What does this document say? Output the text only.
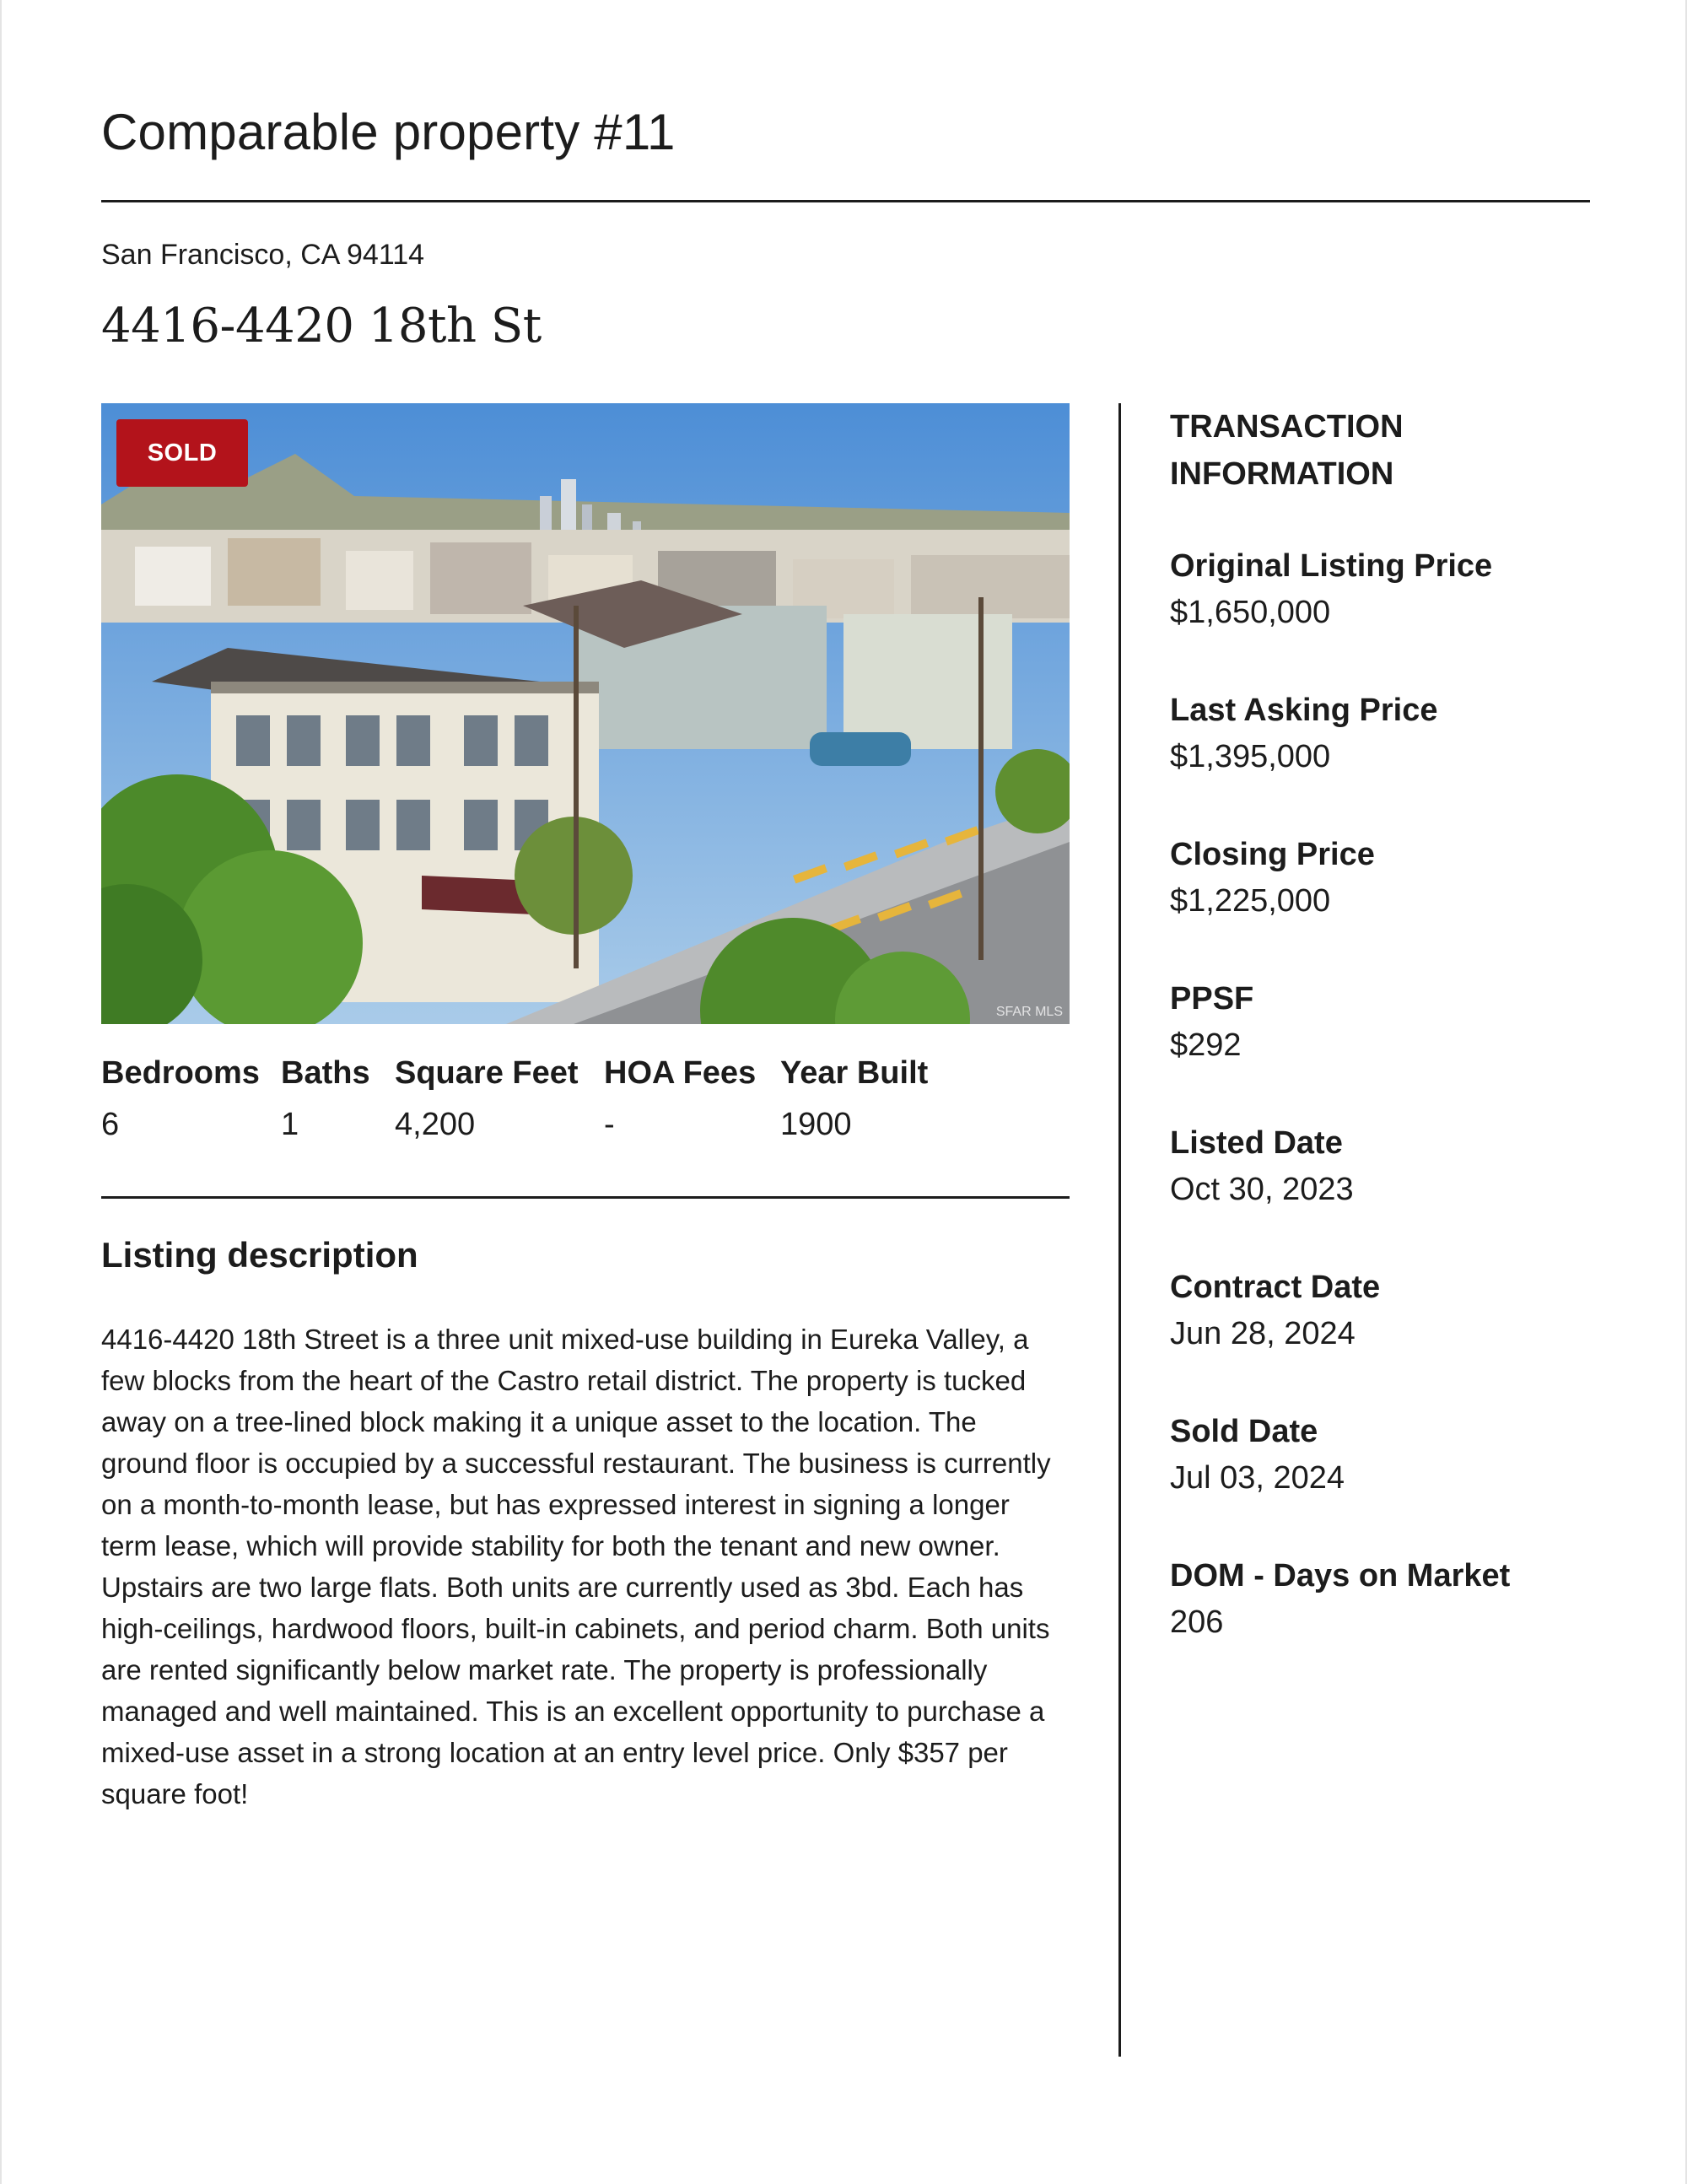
Comparable property #11

San Francisco, CA 94114

4416-4420 18th St
SFAR MLS
SOLD
Bedrooms
6
Baths
1
Square Feet
4,200
HOA Fees
-
Year Built
1900
Listing description

4416-4420 18th Street is a three unit mixed-use building in Eureka Valley, a few blocks from the heart of the Castro retail district. The property is tucked away on a tree-lined block making it a unique asset to the location. The ground floor is occupied by a successful restaurant. The business is currently on a month-to-month lease, but has expressed interest in signing a longer term lease, which will provide stability for both the tenant and new owner. Upstairs are two large flats. Both units are currently used as 3bd. Each has high-ceilings, hardwood floors, built-in cabinets, and period charm. Both units are rented significantly below market rate. The property is professionally managed and well maintained. This is an excellent opportunity to purchase a mixed-use asset in a strong location at an entry level price. Only $357 per square foot!

TRANSACTION INFORMATION
Original Listing Price
$1,650,000
Last Asking Price
$1,395,000
Closing Price
$1,225,000
PPSF
$292
Listed Date
Oct 30, 2023
Contract Date
Jun 28, 2024
Sold Date
Jul 03, 2024
DOM - Days on Market
206
